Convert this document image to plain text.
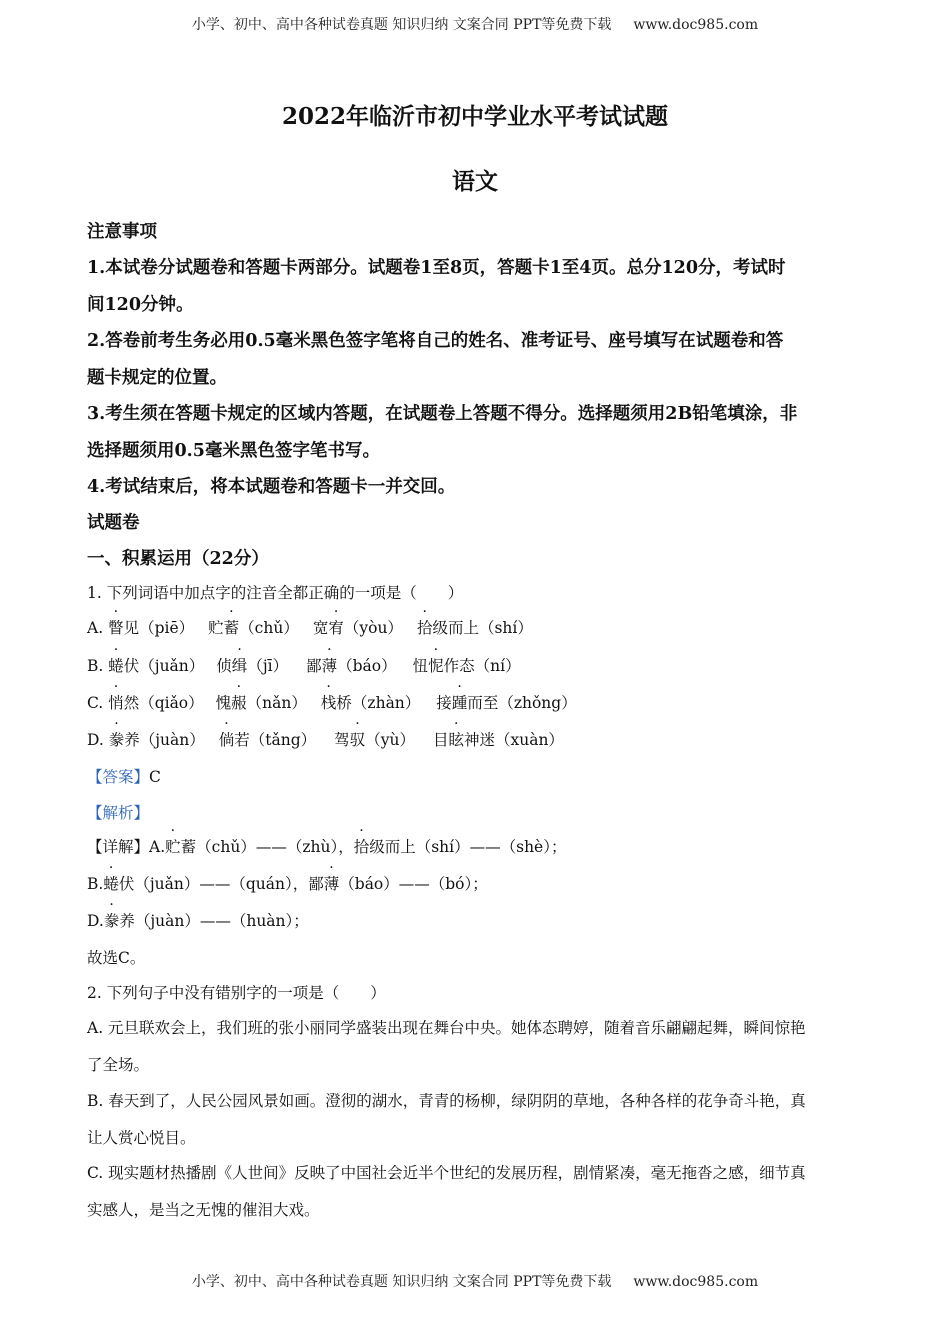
小学、初中、高中各种试卷真题 知识归纳 文案合同 PPT等免费下载 www.doc985.com
2022年临沂市初中学业水平考试试题
语文
注意事项
1.本试卷分试题卷和答题卡两部分。试题卷1至8页，答题卡1至4页。总分120分，考试时
间120分钟。
2.答卷前考生务必用0.5毫米黑色签字笔将自己的姓名、准考证号、座号填写在试题卷和答
题卡规定的位置。
3.考生须在答题卡规定的区域内答题，在试题卷上答题不得分。选择题须用2B铅笔填涂，非
选择题须用0.5毫米黑色签字笔书写。
4.考试结束后，将本试题卷和答题卡一并交回。
试题卷
一、积累运用（22分）
1. 下列词语中加点字的注音全都正确的一项是（　　）
A. 瞥见（piē） 贮蓄（chǔ） 宽宥（yòu） 拾级而上（shí）
B. 蜷伏（juǎn） 侦缉（jī） 鄙薄（báo） 忸怩作态（ní）
C. 悄然（qiǎo） 愧赧（nǎn） 栈桥（zhàn） 接踵而至（zhǒng）
D. 豢养（juàn） 倘若（tǎng） 驾驭（yù） 目眩神迷（xuàn）
【答案】C
【解析】
【详解】A.贮蓄（chǔ）——（zhù），拾级而上（shí）——（shè）；
B.蜷伏（juǎn）——（quán），鄙薄（báo）——（bó）；
D.豢养（juàn）——（huàn）；
故选C。
2. 下列句子中没有错别字的一项是（　　）
A. 元旦联欢会上，我们班的张小丽同学盛装出现在舞台中央。她体态聘婷，随着音乐翩翩起舞，瞬间惊艳
了全场。
B. 春天到了，人民公园风景如画。澄彻的湖水，青青的杨柳，绿阴阴的草地，各种各样的花争奇斗艳，真
让人赏心悦目。
C. 现实题材热播剧《人世间》反映了中国社会近半个世纪的发展历程，剧情紧凑，毫无拖沓之感，细节真
实感人，是当之无愧的催泪大戏。
小学、初中、高中各种试卷真题 知识归纳 文案合同 PPT等免费下载 www.doc985.com
